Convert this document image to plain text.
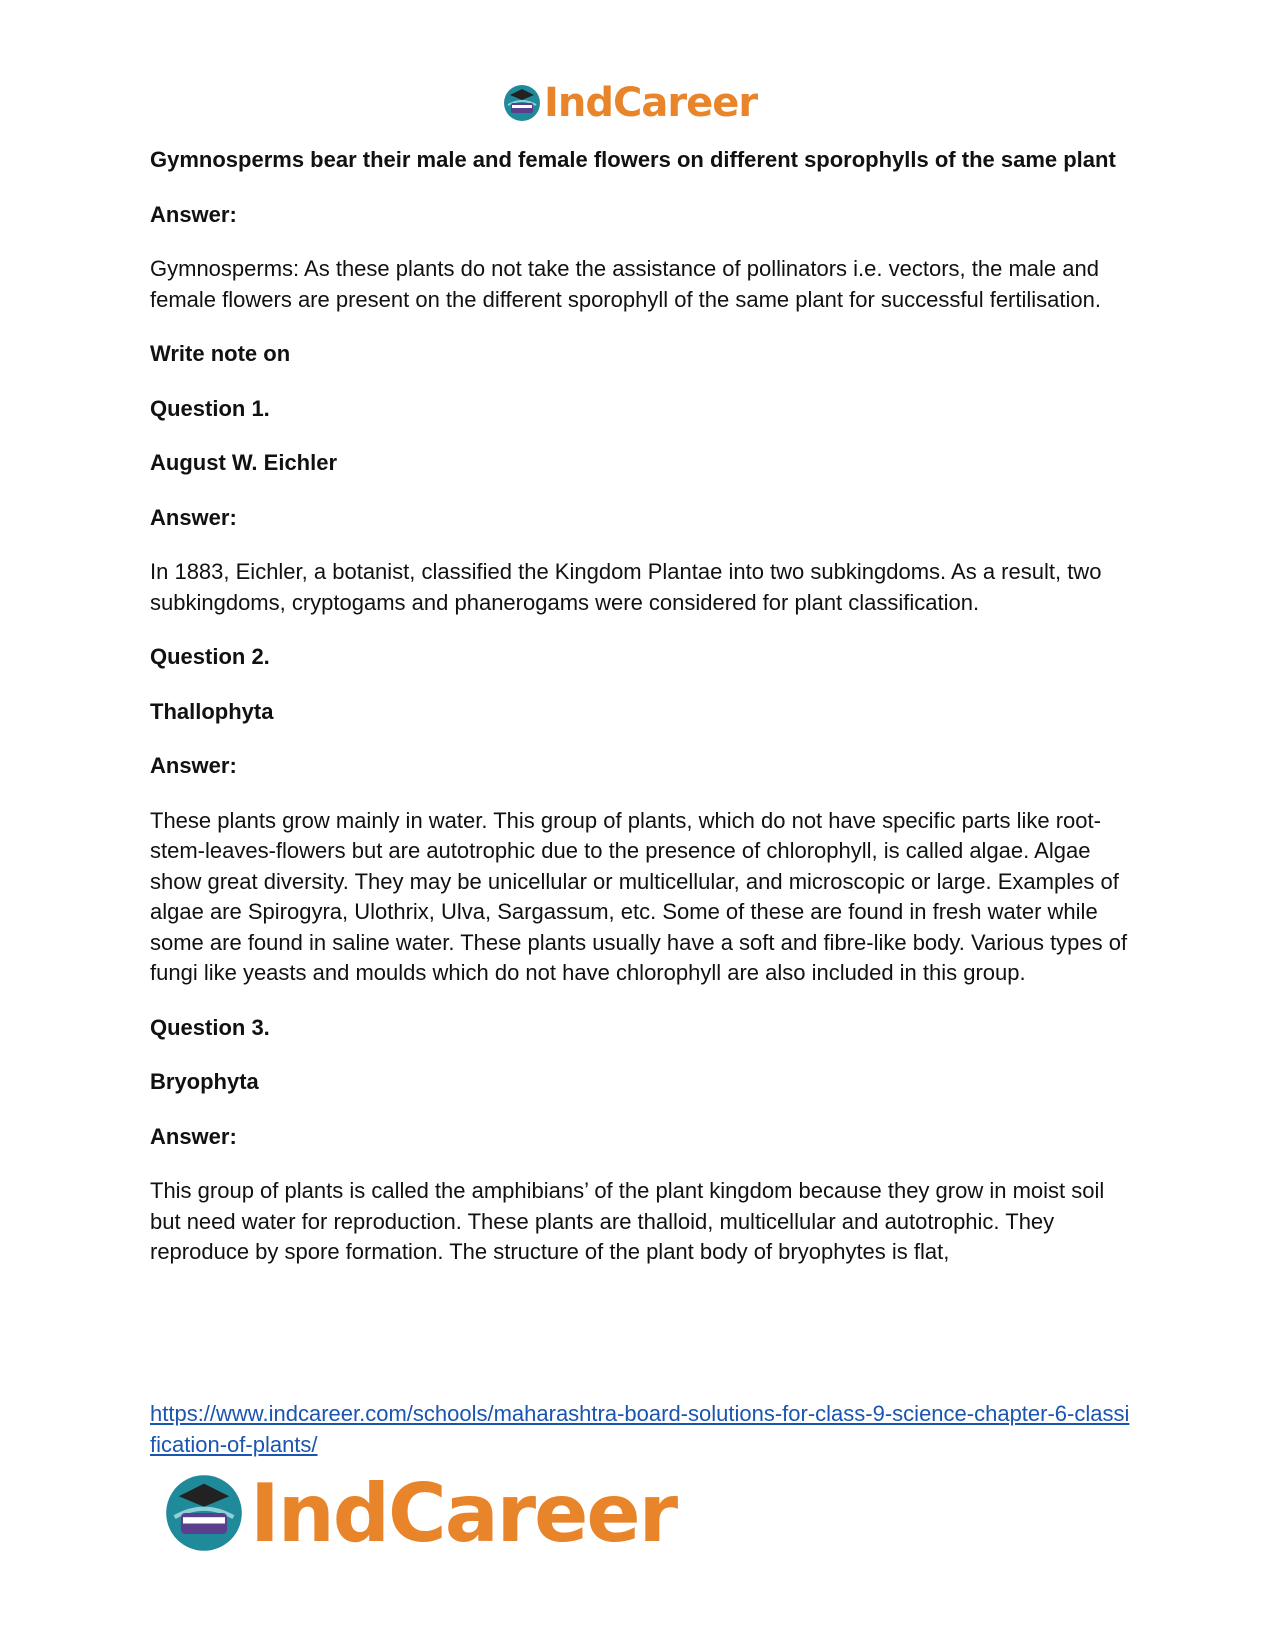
IndCareer

Gymnosperms bear their male and female flowers on different sporophylls of the same plant

Answer:

Gymnosperms: As these plants do not take the assistance of pollinators i.e. vectors, the male and female flowers are present on the different sporophyll of the same plant for successful fertilisation.

Write note on

Question 1.

August W. Eichler

Answer:

In 1883, Eichler, a botanist, classified the Kingdom Plantae into two subkingdoms. As a result, two subkingdoms, cryptogams and phanerogams were considered for plant classification.

Question 2.

Thallophyta

Answer:

These plants grow mainly in water. This group of plants, which do not have specific parts like root-stem-leaves-flowers but are autotrophic due to the presence of chlorophyll, is called algae. Algae show great diversity. They may be unicellular or multicellular, and microscopic or large. Examples of algae are Spirogyra, Ulothrix, Ulva, Sargassum, etc. Some of these are found in fresh water while some are found in saline water. These plants usually have a soft and fibre-like body. Various types of fungi like yeasts and moulds which do not have chlorophyll are also included in this group.

Question 3.

Bryophyta

Answer:

This group of plants is called the amphibians’ of the plant kingdom because they grow in moist soil but need water for reproduction. These plants are thalloid, multicellular and autotrophic. They reproduce by spore formation. The structure of the plant body of bryophytes is flat,

https://www.indcareer.com/schools/maharashtra-board-solutions-for-class-9-science-chapter-6-classification-of-plants/
IndCareer
